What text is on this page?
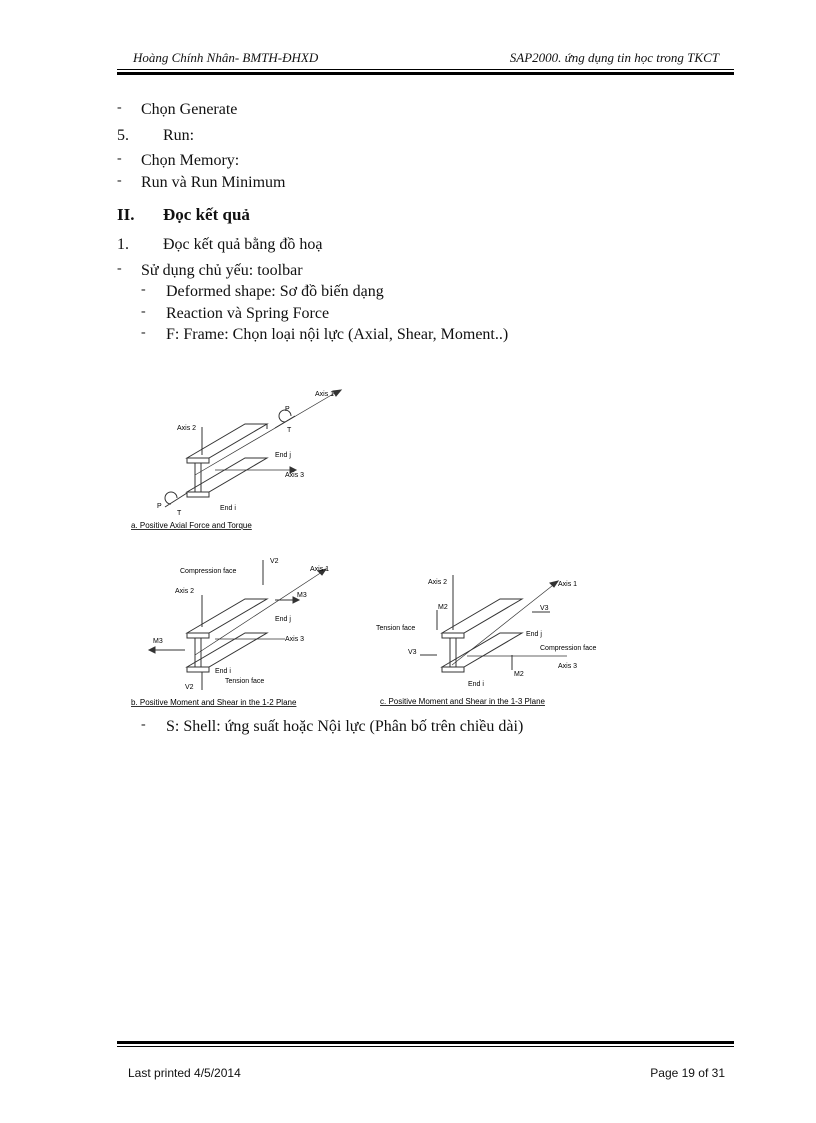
Hoàng Chính Nhân- BMTH-ĐHXD	SAP2000. ứng dụng tin học trong TKCT
- Chọn Generate
5. Run:
- Chọn Memory:
- Run và Run Minimum
II. Đọc kết quả
1. Đọc kết quả bằng đồ hoạ
- Sử dụng chủ yếu: toolbar
- Deformed shape: Sơ đồ biến dạng
- Reaction và Spring Force
- F: Frame: Chọn loại nội lực (Axial, Shear, Moment..)
Axis 1
Axis 2
Axis 3
End j
End i
P
T
P
T
a. Positive Axial Force and Torque
V2
Compression face	Axis 1
Axis 2
M3
End j
M3	Axis 3
End i
Tension face
V2
b. Positive Moment and Shear in the 1-2 Plane
Axis 2	Axis 1
M2	V3
Tension face
End j
Compression face
V3
Axis 3
M2
End i
c. Positive Moment and Shear in the 1-3 Plane
- S: Shell: ứng suất hoặc Nội lực (Phân bố trên chiều dài)
Last printed 4/5/2014	Page 19 of 31
